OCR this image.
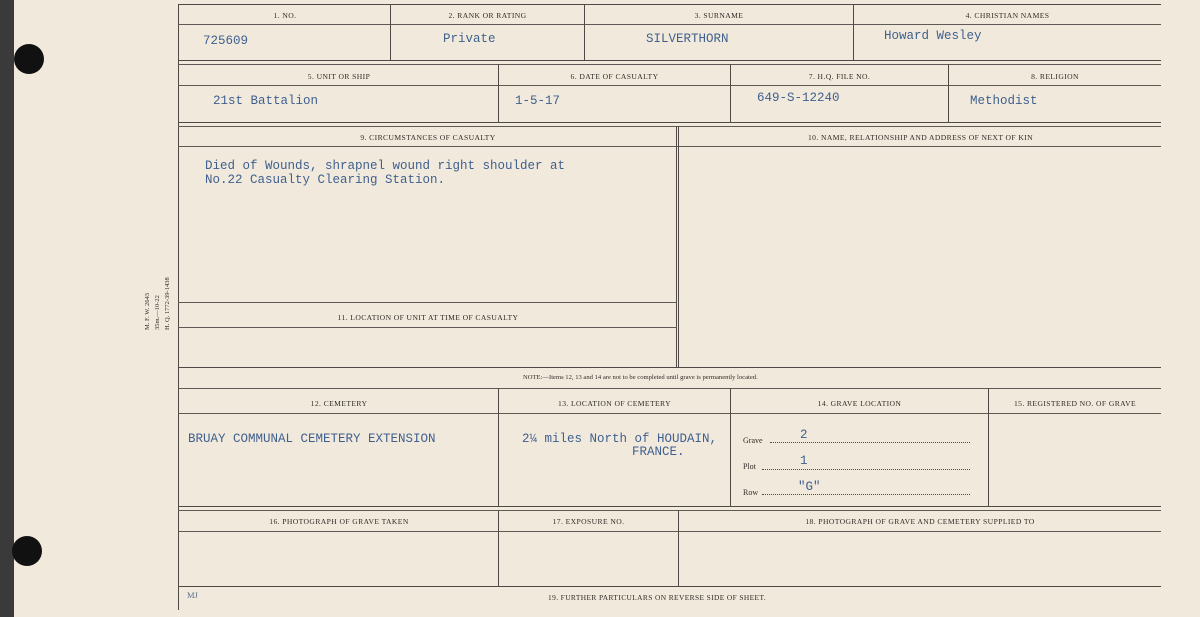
M. F. W. 2643 35m.—10-22 H. Q. 1772-39-1438
1. NO.	2. RANK OR RATING	3. SURNAME	4. CHRISTIAN NAMES
725609	Private	SILVERTHORN	Howard Wesley
5. UNIT OR SHIP	6. DATE OF CASUALTY	7. H.Q. FILE NO.	8. RELIGION
21st Battalion	1-5-17	649-S-12240	Methodist
9. CIRCUMSTANCES OF CASUALTY	10. NAME, RELATIONSHIP AND ADDRESS OF NEXT OF KIN
11. LOCATION OF UNIT AT TIME OF CASUALTY
Died of Wounds, shrapnel wound right shoulder at
No.22 Casualty Clearing Station.
NOTE:—Items 12, 13 and 14 are not to be completed until grave is permanently located.
12. CEMETERY	13. LOCATION OF CEMETERY	14. GRAVE LOCATION	15. REGISTERED NO. OF GRAVE
BRUAY COMMUNAL CEMETERY EXTENSION	2¼ miles North of HOUDAIN,
FRANCE.
Grave	2
Plot	1
Row	"G"
16. PHOTOGRAPH OF GRAVE TAKEN	17. EXPOSURE NO.	18. PHOTOGRAPH OF GRAVE AND CEMETERY SUPPLIED TO
19. FURTHER PARTICULARS ON REVERSE SIDE OF SHEET.
MJ
